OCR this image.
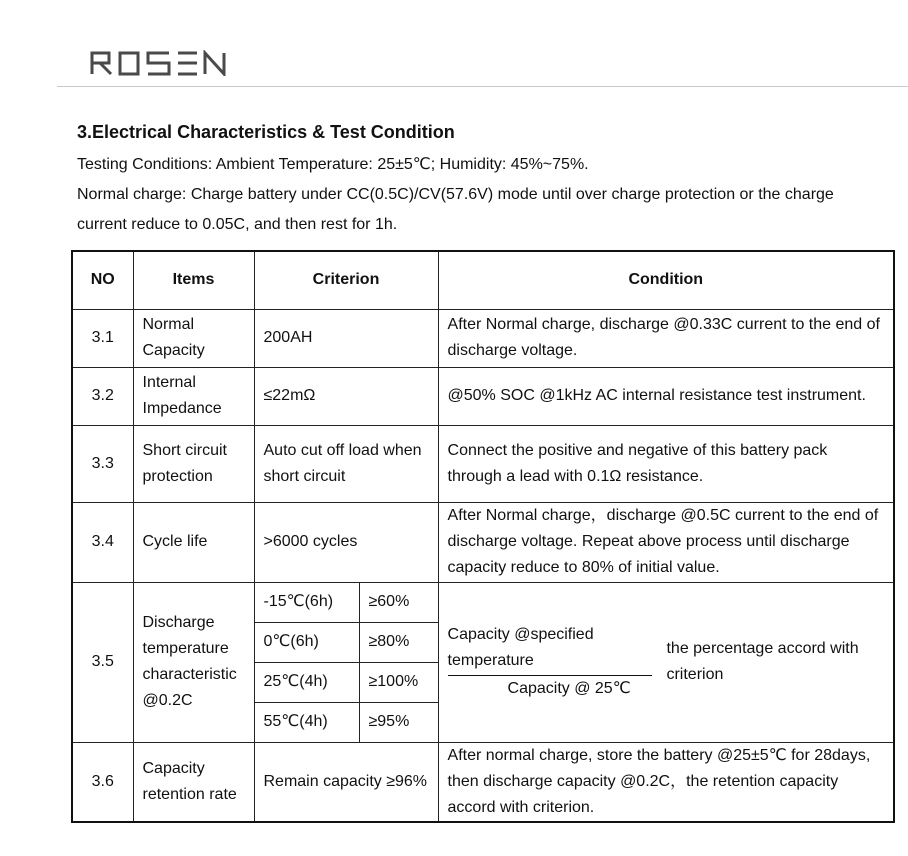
ROSEN
3.Electrical Characteristics & Test Condition
Testing Conditions: Ambient Temperature: 25±5℃; Humidity: 45%~75%.
Normal charge: Charge battery under CC(0.5C)/CV(57.6V) mode until over charge protection or the charge current reduce to 0.05C, and then rest for 1h.
NO	Items	Criterion		Condition
3.1	Normal Capacity	200AH		After Normal charge, discharge @0.33C current to the end of discharge voltage.
3.2	Internal Impedance	≤22mΩ		@50% SOC @1kHz AC internal resistance test instrument.
3.3	Short circuit protection	Auto cut off load when short circuit		Connect the positive and negative of this battery pack through a lead with 0.1Ω resistance.
3.4	Cycle life	>6000 cycles		After Normal charge，discharge @0.5C current to the end of discharge voltage. Repeat above process until discharge capacity reduce to 80% of initial value.
3.5	Discharge temperature characteristic @0.2C	-15℃(6h)	≥60%	$\frac{\text{Capacity @specified temperature}}{\text{Capacity @ 25℃}}$ the percentage accord with criterion

		0℃(6h)	≥80%	
		25℃(4h)	≥100%	
		55℃(4h)	≥95%	
3.6	Capacity retention rate	Remain capacity ≥96%		After normal charge, store the battery @25±5℃ for 28days, then discharge capacity @0.2C，the retention capacity accord with criterion.
